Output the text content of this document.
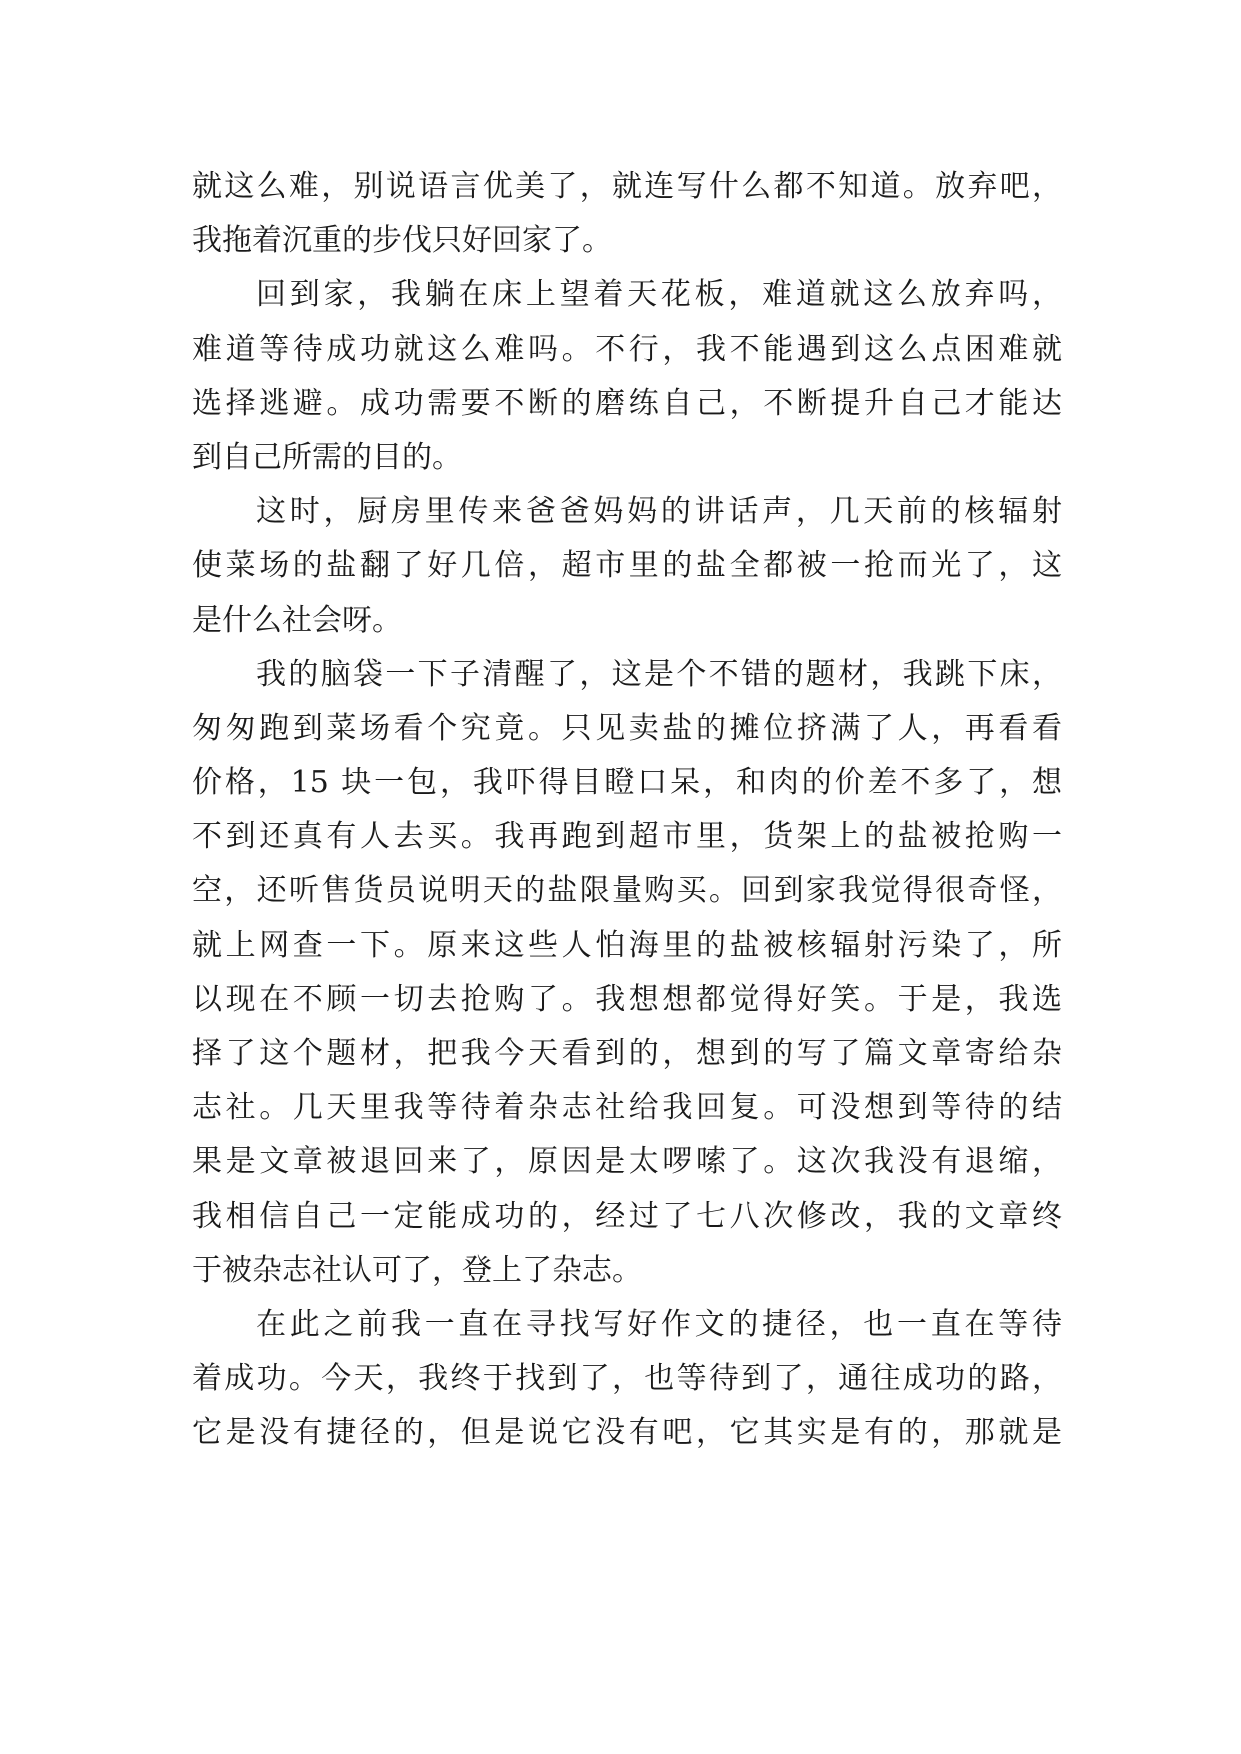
就这么难，别说语言优美了，就连写什么都不知道。放弃吧，
我拖着沉重的步伐只好回家了。
回到家，我躺在床上望着天花板，难道就这么放弃吗，
难道等待成功就这么难吗。不行，我不能遇到这么点困难就
选择逃避。成功需要不断的磨练自己，不断提升自己才能达
到自己所需的目的。
这时，厨房里传来爸爸妈妈的讲话声，几天前的核辐射
使菜场的盐翻了好几倍，超市里的盐全都被一抢而光了，这
是什么社会呀。
我的脑袋一下子清醒了，这是个不错的题材，我跳下床，
匆匆跑到菜场看个究竟。只见卖盐的摊位挤满了人，再看看
价格，15 块一包，我吓得目瞪口呆，和肉的价差不多了，想
不到还真有人去买。我再跑到超市里，货架上的盐被抢购一
空，还听售货员说明天的盐限量购买。回到家我觉得很奇怪，
就上网查一下。原来这些人怕海里的盐被核辐射污染了，所
以现在不顾一切去抢购了。我想想都觉得好笑。于是，我选
择了这个题材，把我今天看到的，想到的写了篇文章寄给杂
志社。几天里我等待着杂志社给我回复。可没想到等待的结
果是文章被退回来了，原因是太啰嗦了。这次我没有退缩，
我相信自己一定能成功的，经过了七八次修改，我的文章终
于被杂志社认可了，登上了杂志。
在此之前我一直在寻找写好作文的捷径，也一直在等待
着成功。今天，我终于找到了，也等待到了，通往成功的路，
它是没有捷径的，但是说它没有吧，它其实是有的，那就是
